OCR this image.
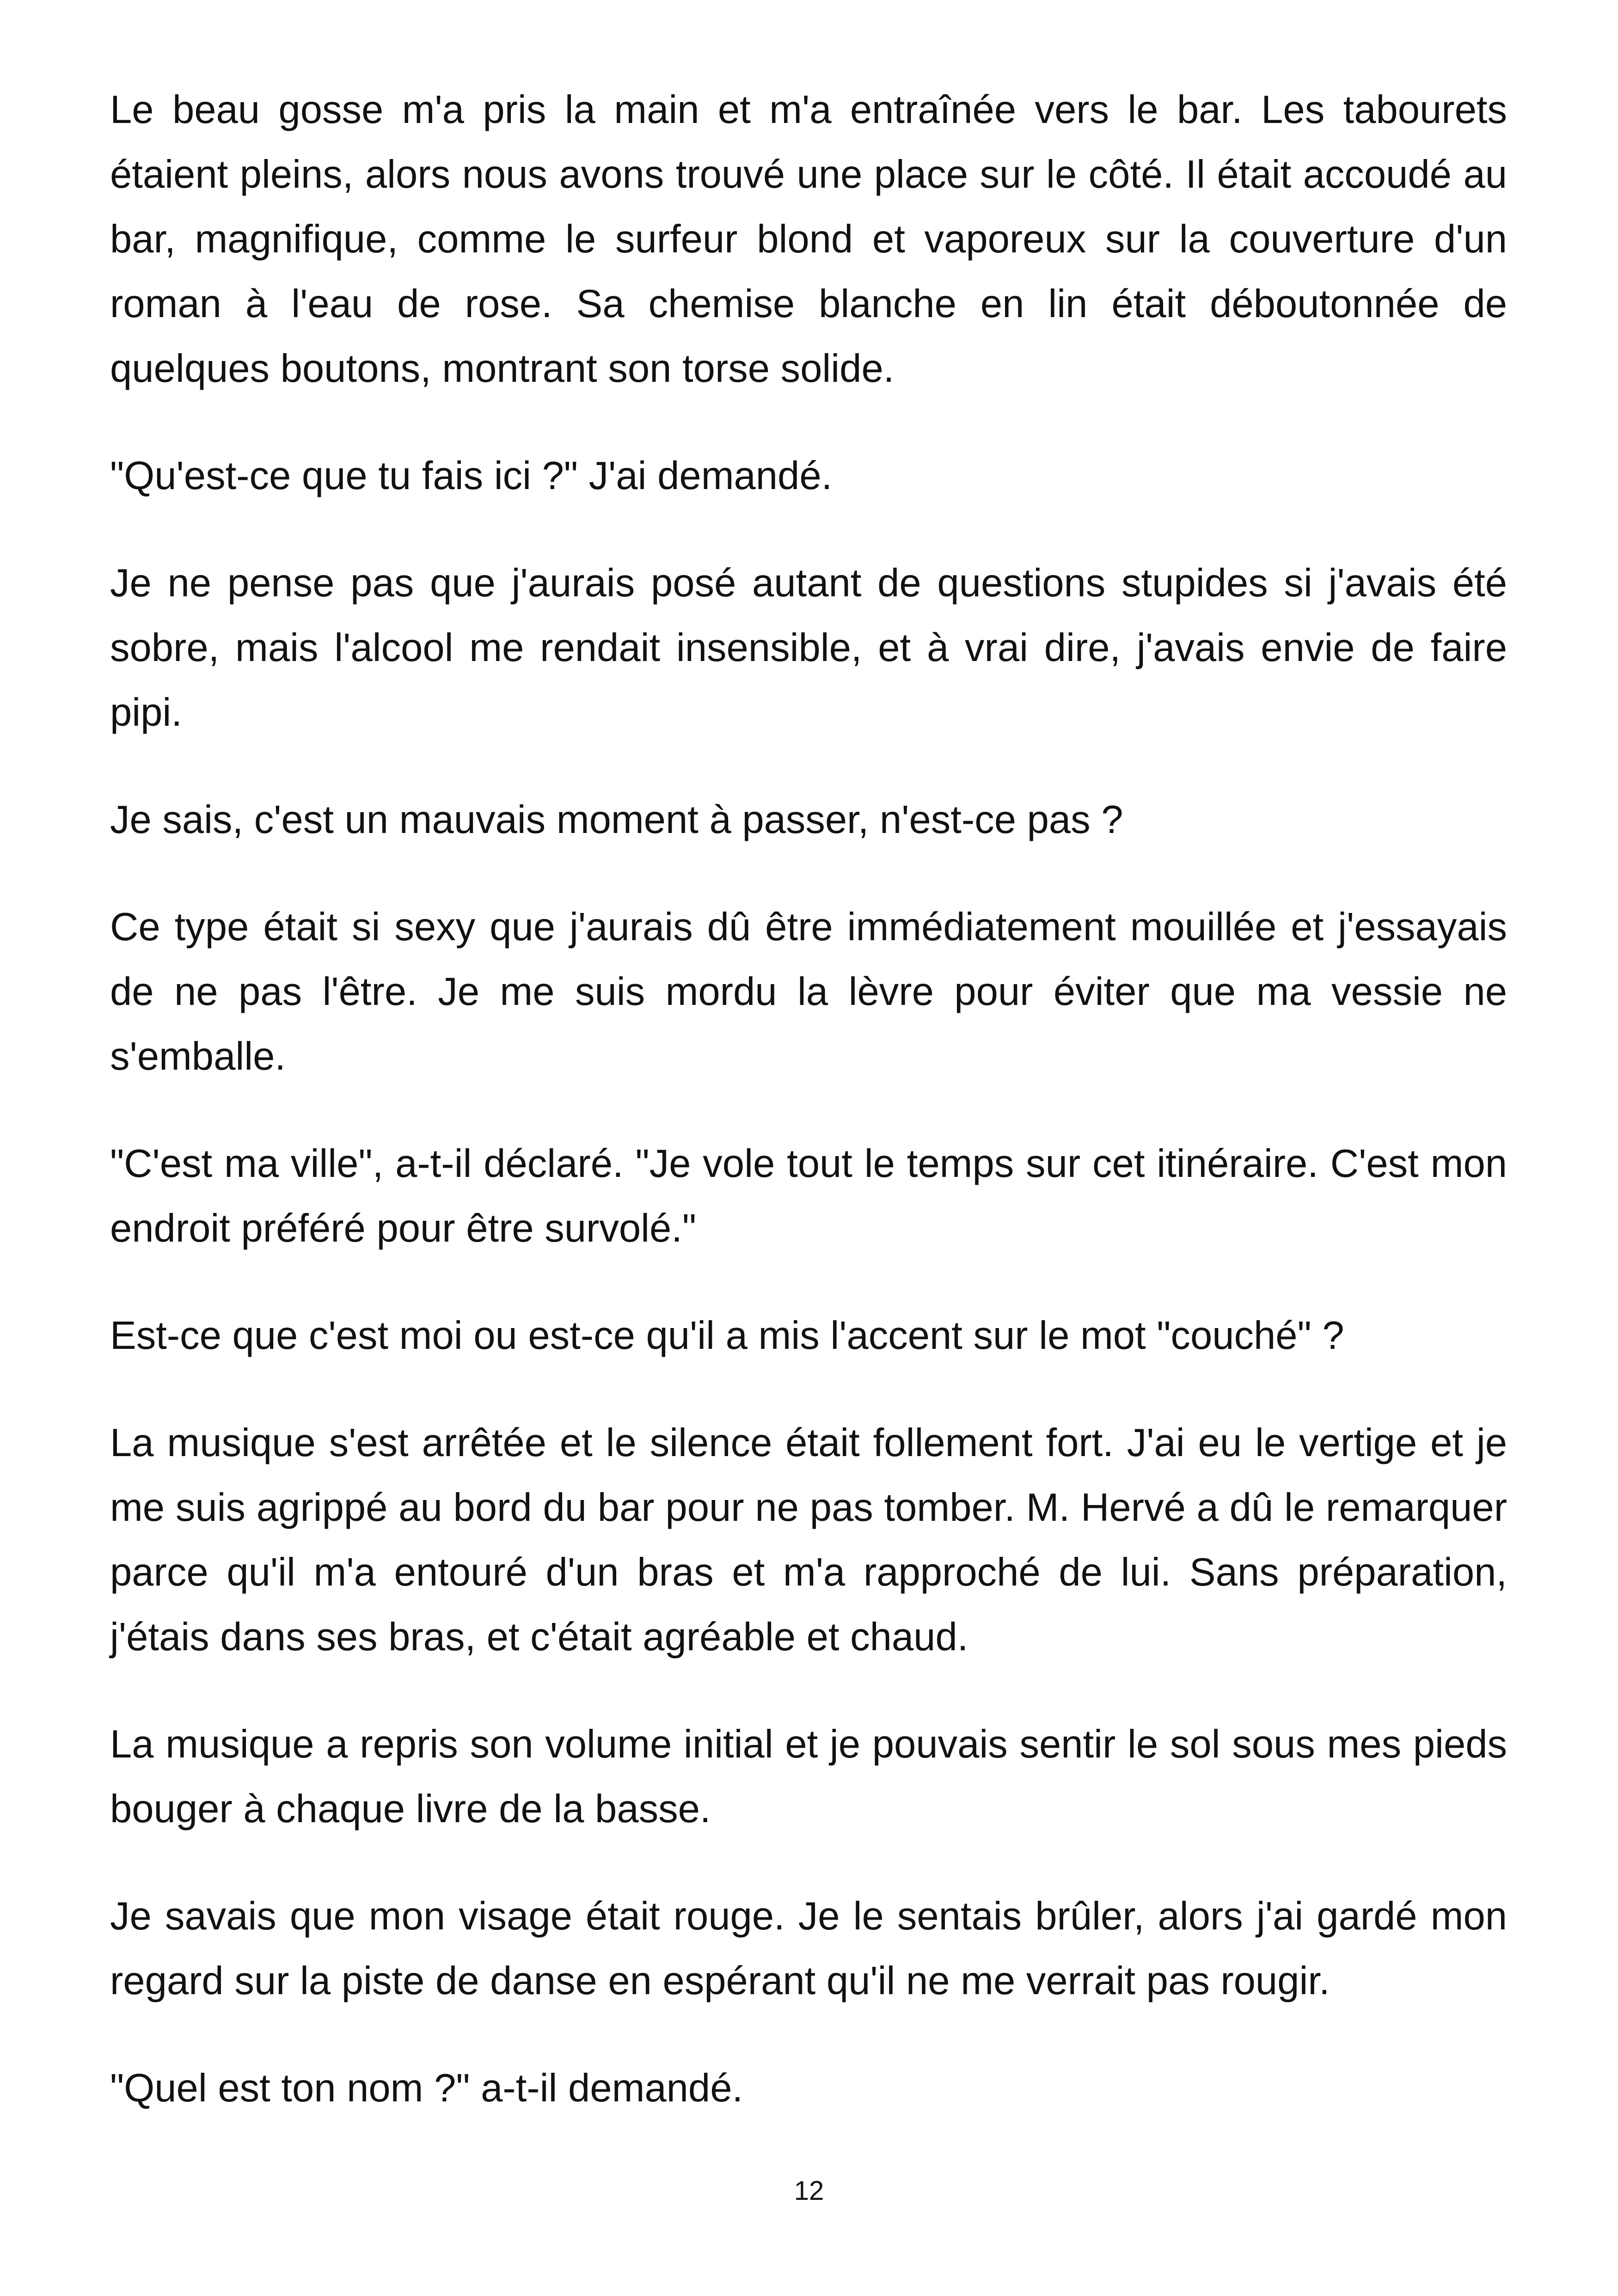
Le beau gosse m'a pris la main et m'a entraînée vers le bar. Les tabourets étaient pleins, alors nous avons trouvé une place sur le côté. Il était accoudé au bar, magnifique, comme le surfeur blond et vaporeux sur la couverture d'un roman à l'eau de rose. Sa chemise blanche en lin était déboutonnée de quelques boutons, montrant son torse solide.

"Qu'est-ce que tu fais ici ?" J'ai demandé.

Je ne pense pas que j'aurais posé autant de questions stupides si j'avais été sobre, mais l'alcool me rendait insensible, et à vrai dire, j'avais envie de faire pipi.

Je sais, c'est un mauvais moment à passer, n'est-ce pas ?

Ce type était si sexy que j'aurais dû être immédiatement mouillée et j'essayais de ne pas l'être. Je me suis mordu la lèvre pour éviter que ma vessie ne s'emballe.

"C'est ma ville", a-t-il déclaré. "Je vole tout le temps sur cet itinéraire. C'est mon endroit préféré pour être survolé."

Est-ce que c'est moi ou est-ce qu'il a mis l'accent sur le mot "couché" ?

La musique s'est arrêtée et le silence était follement fort. J'ai eu le vertige et je me suis agrippé au bord du bar pour ne pas tomber. M. Hervé a dû le remarquer parce qu'il m'a entouré d'un bras et m'a rapproché de lui. Sans préparation, j'étais dans ses bras, et c'était agréable et chaud.

La musique a repris son volume initial et je pouvais sentir le sol sous mes pieds bouger à chaque livre de la basse.

Je savais que mon visage était rouge. Je le sentais brûler, alors j'ai gardé mon regard sur la piste de danse en espérant qu'il ne me verrait pas rougir.

"Quel est ton nom ?" a-t-il demandé.

12
